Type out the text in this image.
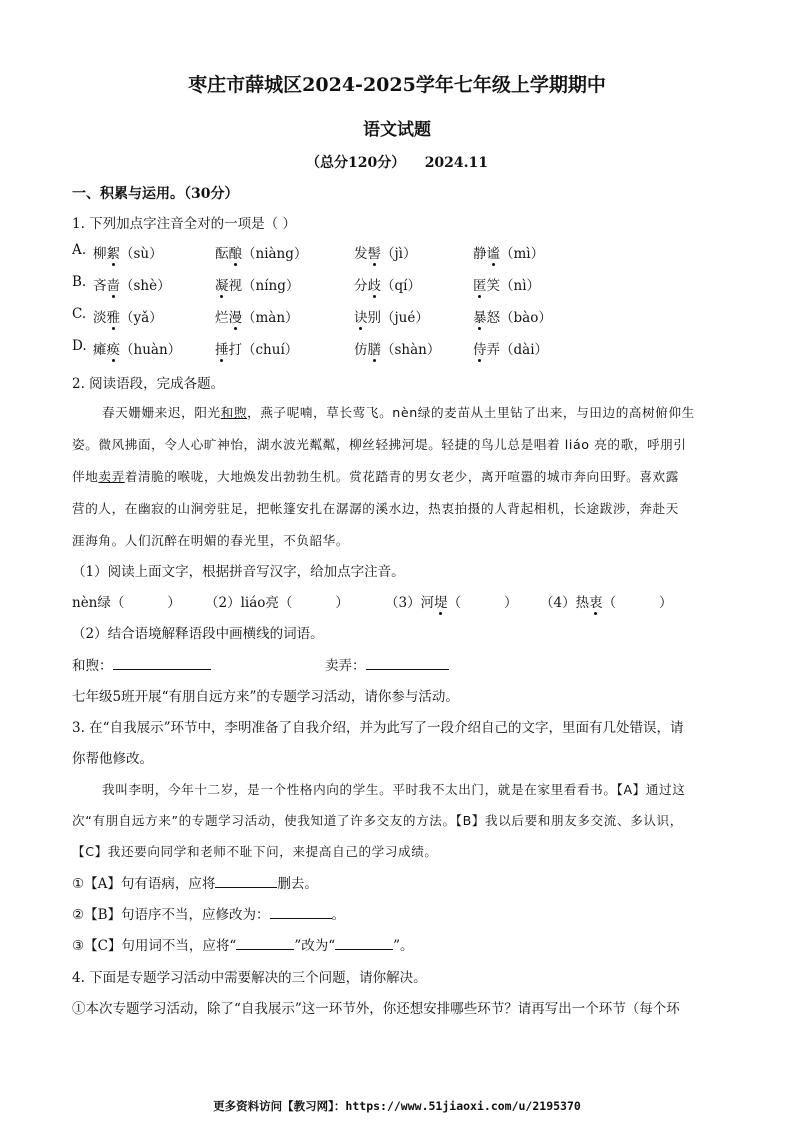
枣庄市薛城区2024-2025学年七年级上学期期中
语文试题
（总分120分）    2024.11
一、积累与运用。（30分）
1. 下列加点字注音全对的一项是（ ）
A. 柳絮（sù）	酝酿（niàng）	发髻（jì）	静谧（mì）
B. 吝啬（shè）	凝视（níng）	分歧（qí）	匿笑（nì）
C. 淡雅（yǎ）	烂漫（màn）	诀别（jué）	暴怒（bào）
D. 瘫痪（huàn）	捶打（chuí）	仿膳（shàn） 侍弄（dài）
2. 阅读语段，完成各题。
春天姗姗来迟，阳光和煦，燕子呢喃，草长莺飞。nèn绿的麦苗从土里钻了出来，与田边的高树俯仰生
姿。微风拂面，令人心旷神怡，湖水波光粼粼，柳丝轻拂河堤。轻捷的鸟儿总是唱着 liáo 亮的歌，呼朋引
伴地卖弄着清脆的喉咙，大地焕发出勃勃生机。赏花踏青的男女老少，离开喧嚣的城市奔向田野。喜欢露
营的人，在幽寂的山涧旁驻足，把帐篷安扎在潺潺的溪水边，热衷拍摄的人背起相机，长途跋涉，奔赴天
涯海角。人们沉醉在明媚的春光里，不负韶华。
（1）阅读上面文字，根据拼音写汉字，给加点字注音。
nèn绿（          ） （2）liáo亮（          ）	（3）河堤（          ） （4）热衷（          ）
（2）结合语境解释语段中画横线的词语。
和煦：	卖弄：
七年级5班开展“有朋自远方来”的专题学习活动，请你参与活动。
3. 在“自我展示”环节中，李明准备了自我介绍，并为此写了一段介绍自己的文字，里面有几处错误，请
你帮他修改。
我叫李明，今年十二岁，是一个性格内向的学生。平时我不太出门，就是在家里看看书。【A】通过这
次“有朋自远方来”的专题学习活动，使我知道了许多交友的方法。【B】我以后要和朋友多交流、多认识，
【C】我还要向同学和老师不耻下问，来提高自己的学习成绩。
①【A】句有语病，应将	删去。
②【B】句语序不当，应修改为：	。
③【C】句用词不当，应将“	”改为“	”。
4. 下面是专题学习活动中需要解决的三个问题，请你解决。
①本次专题学习活动，除了“自我展示”这一环节外，你还想安排哪些环节？请再写出一个环节（每个环
更多资料访问【教习网】：https://www.51jiaoxi.com/u/2195370
